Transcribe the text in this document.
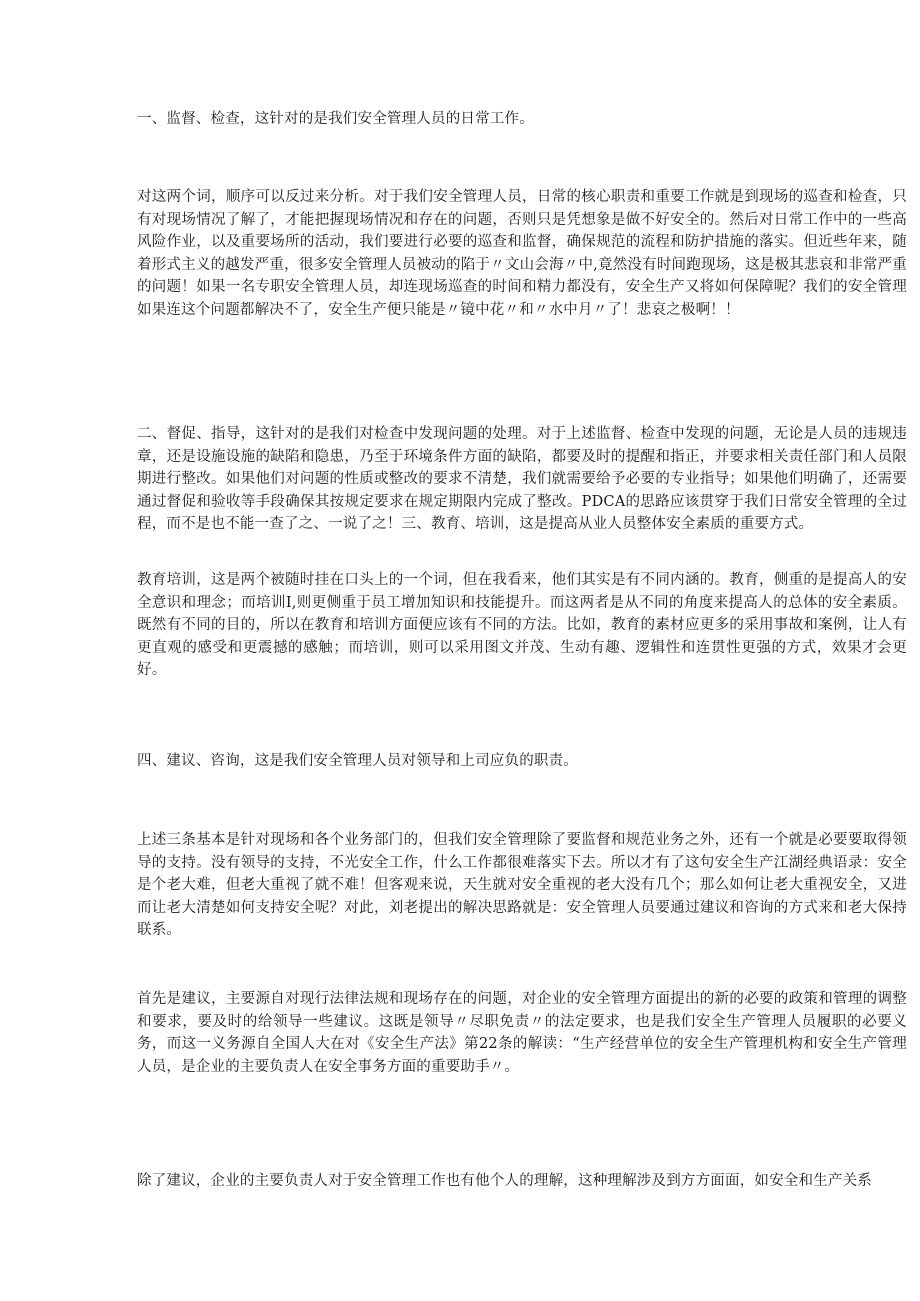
一、监督、检查，这针对的是我们安全管理人员的日常工作。

对这两个词，顺序可以反过来分析。对于我们安全管理人员，日常的核心职责和重要工作就是到现场的巡查和检查，只有对现场情况了解了，才能把握现场情况和存在的问题，否则只是凭想象是做不好安全的。然后对日常工作中的一些高风险作业，以及重要场所的活动，我们要进行必要的巡查和监督，确保规范的流程和防护措施的落实。但近些年来，随着形式主义的越发严重，很多安全管理人员被动的陷于〃文山会海〃中,竟然没有时间跑现场，这是极其悲哀和非常严重的问题！如果一名专职安全管理人员，却连现场巡查的时间和精力都没有，安全生产又将如何保障呢？我们的安全管理如果连这个问题都解决不了，安全生产便只能是〃镜中花〃和〃水中月〃了！悲哀之极啊！！

二、督促、指导，这针对的是我们对检查中发现问题的处理。对于上述监督、检查中发现的问题，无论是人员的违规违章，还是设施设施的缺陷和隐患，乃至于环境条件方面的缺陷，都要及时的提醒和指正，并要求相关责任部门和人员限期进行整改。如果他们对问题的性质或整改的要求不清楚，我们就需要给予必要的专业指导；如果他们明确了，还需要通过督促和验收等手段确保其按规定要求在规定期限内完成了整改。PDCA的思路应该贯穿于我们日常安全管理的全过程，而不是也不能一查了之、一说了之！三、教育、培训，这是提高从业人员整体安全素质的重要方式。

教育培训，这是两个被随时挂在口头上的一个词，但在我看来，他们其实是有不同内涵的。教育，侧重的是提高人的安全意识和理念；而培训I,则更侧重于员工增加知识和技能提升。而这两者是从不同的角度来提高人的总体的安全素质。既然有不同的目的，所以在教育和培训方面便应该有不同的方法。比如，教育的素材应更多的采用事故和案例，让人有更直观的感受和更震撼的感触；而培训，则可以采用图文并茂、生动有趣、逻辑性和连贯性更强的方式，效果才会更好。

四、建议、咨询，这是我们安全管理人员对领导和上司应负的职责。

上述三条基本是针对现场和各个业务部门的，但我们安全管理除了要监督和规范业务之外，还有一个就是必要要取得领导的支持。没有领导的支持，不光安全工作，什么工作都很难落实下去。所以才有了这句安全生产江湖经典语录：安全是个老大难，但老大重视了就不难！但客观来说，天生就对安全重视的老大没有几个；那么如何让老大重视安全，又进而让老大清楚如何支持安全呢？对此，刘老提出的解决思路就是：安全管理人员要通过建议和咨询的方式来和老大保持联系。

首先是建议，主要源自对现行法律法规和现场存在的问题，对企业的安全管理方面提出的新的必要的政策和管理的调整和要求，要及时的给领导一些建议。这既是领导〃尽职免责〃的法定要求，也是我们安全生产管理人员履职的必要义务，而这一义务源自全国人大在对《安全生产法》第22条的解读：“生产经营单位的安全生产管理机构和安全生产管理人员，是企业的主要负责人在安全事务方面的重要助手〃。

除了建议，企业的主要负责人对于安全管理工作也有他个人的理解，这种理解涉及到方方面面，如安全和生产关系
